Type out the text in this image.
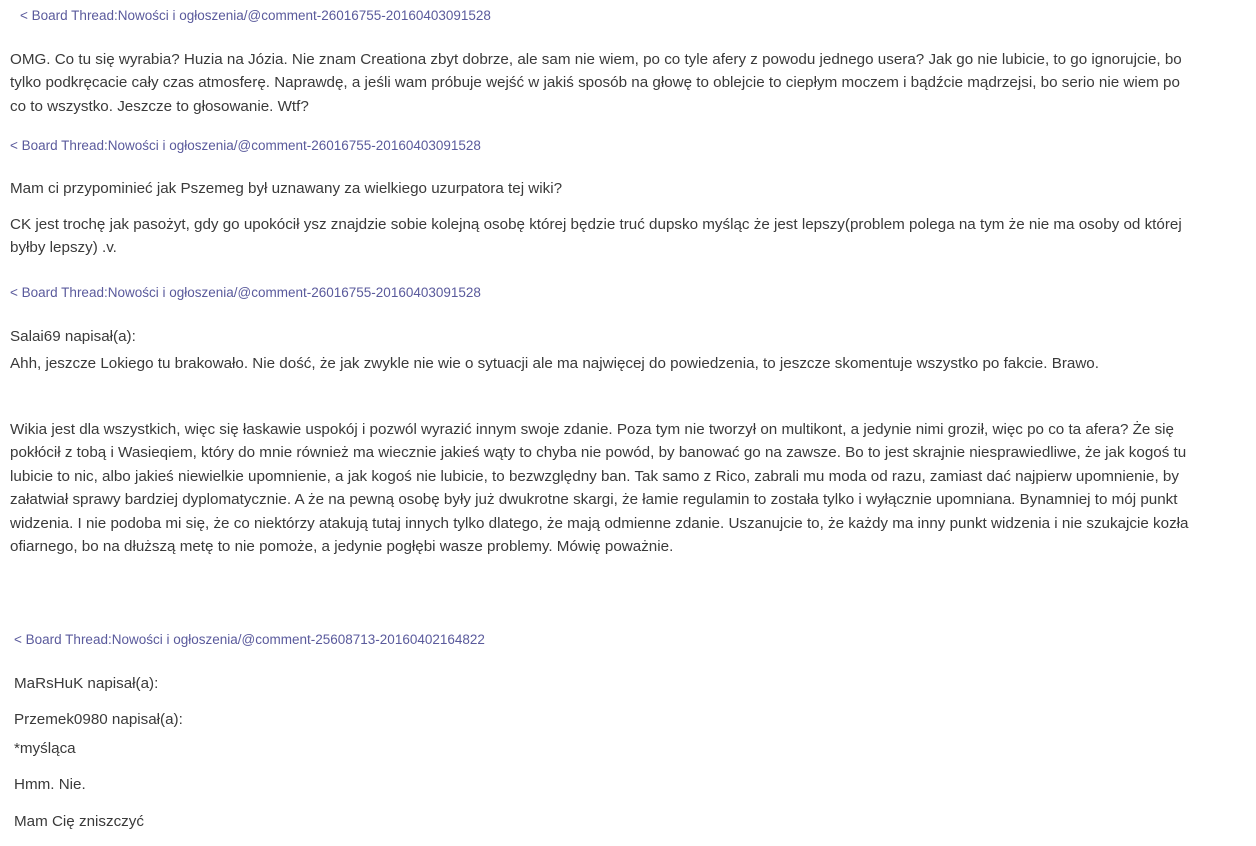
< Board Thread:Nowości i ogłoszenia/@comment-26016755-20160403091528

OMG. Co tu się wyrabia? Huzia na Józia. Nie znam Creationa zbyt dobrze, ale sam nie wiem, po co tyle afery z powodu jednego usera? Jak go nie lubicie, to go ignorujcie, bo tylko podkręcacie cały czas atmosferę. Naprawdę, a jeśli wam próbuje wejść w jakiś sposób na głowę to oblejcie to ciepłym moczem i bądźcie mądrzejsi, bo serio nie wiem po co to wszystko. Jeszcze to głosowanie. Wtf?

< Board Thread:Nowości i ogłoszenia/@comment-26016755-20160403091528

Mam ci przypominieć jak Pszemeg był uznawany za wielkiego uzurpatora tej wiki?

CK jest trochę jak pasożyt, gdy go upokócił ysz znajdzie sobie kolejną osobę której będzie truć dupsko myśląc że jest lepszy(problem polega na tym że nie ma osoby od której byłby lepszy) .v.

< Board Thread:Nowości i ogłoszenia/@comment-26016755-20160403091528

Salai69 napisał(a):

Ahh, jeszcze Lokiego tu brakowało. Nie dość, że jak zwykle nie wie o sytuacji ale ma najwięcej do powiedzenia, to jeszcze skomentuje wszystko po fakcie. Brawo.

Wikia jest dla wszystkich, więc się łaskawie uspokój i pozwól wyrazić innym swoje zdanie. Poza tym nie tworzył on multikont, a jedynie nimi groził, więc po co ta afera? Że się pokłócił z tobą i Wasieqiem, który do mnie również ma wiecznie jakieś wąty to chyba nie powód, by banować go na zawsze. Bo to jest skrajnie niesprawiedliwe, że jak kogoś tu lubicie to nic, albo jakieś niewielkie upomnienie, a jak kogoś nie lubicie, to bezwzględny ban. Tak samo z Rico, zabrali mu moda od razu, zamiast dać najpierw upomnienie, by załatwiał sprawy bardziej dyplomatycznie. A że na pewną osobę były już dwukrotne skargi, że łamie regulamin to została tylko i wyłącznie upomniana. Bynamniej to mój punkt widzenia. I nie podoba mi się, że co niektórzy atakują tutaj innych tylko dlatego, że mają odmienne zdanie. Uszanujcie to, że każdy ma inny punkt widzenia i nie szukajcie kozła ofiarnego, bo na dłuższą metę to nie pomoże, a jedynie pogłębi wasze problemy. Mówię poważnie.

< Board Thread:Nowości i ogłoszenia/@comment-25608713-20160402164822

MaRsHuK napisał(a):

Przemek0980 napisał(a):

*myśląca

Hmm. Nie.

Mam Cię zniszczyć
